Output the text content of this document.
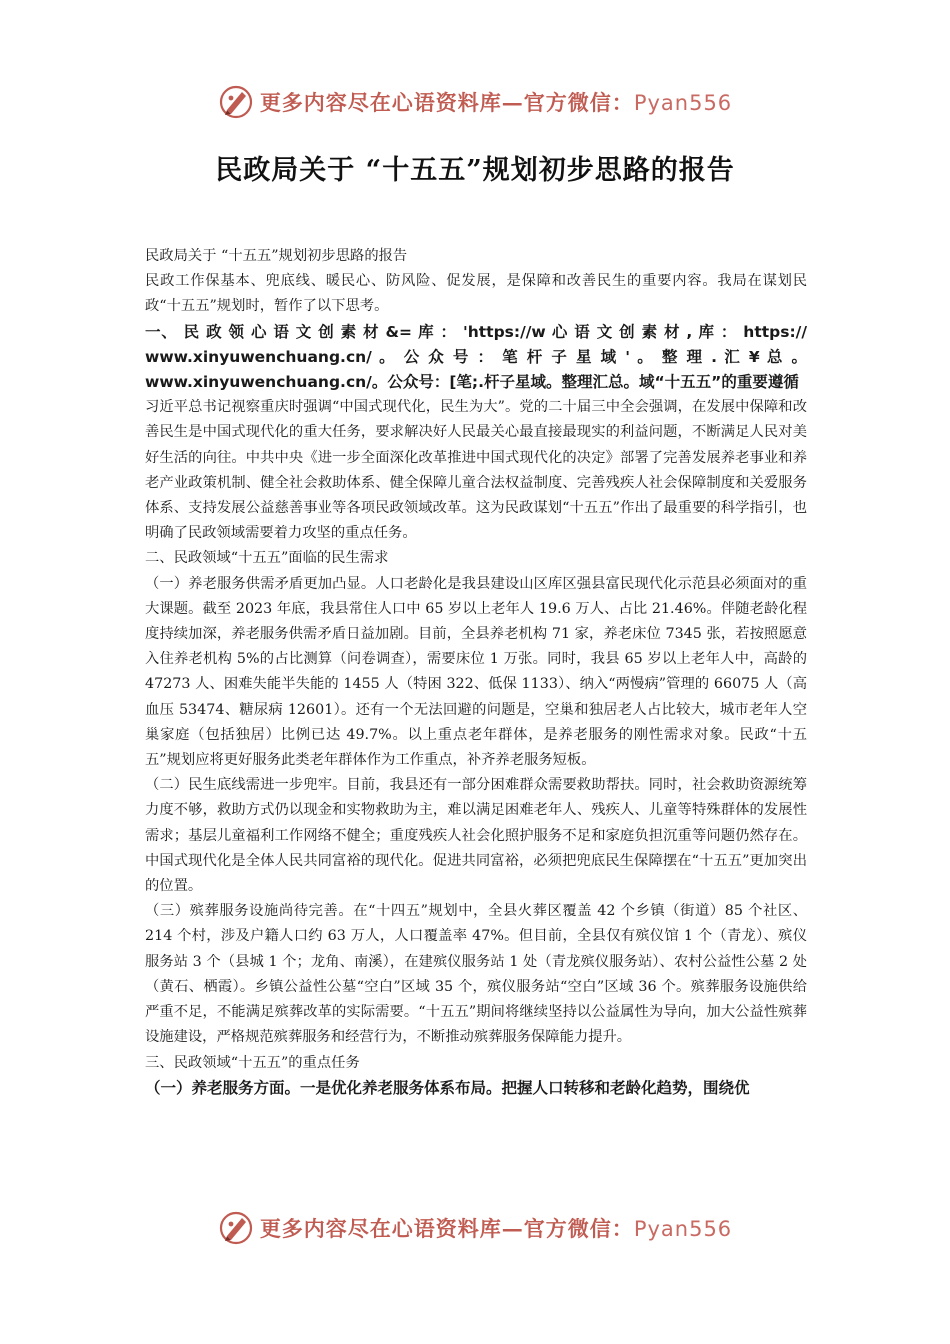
更多内容尽在心语资料库—官方微信：Pyan556
民政局关于 “十五五”规划初步思路的报告

民政局关于 “十五五”规划初步思路的报告

民政工作保基本、兜底线、暖民心、防风险、促发展，是保障和改善民生的重要内容。我局在谋划民政“十五五”规划时，暂作了以下思考。

一、 民 政 领 心 语 文 创 素 材 &= 库 ： 'https://w 心 语 文 创 素 材 , 库 ： https:// www.xinyuwenchuang.cn/ 。 公 众 号 ： 笔 杆 子 星 域 ' 。 整 理 . 汇 ¥ 总 。 www.xinyuwenchuang.cn/。公众号：[笔;.杆子星域。整理汇总。域“十五五”的重要遵循

习近平总书记视察重庆时强调“中国式现代化，民生为大”。党的二十届三中全会强调，在发展中保障和改善民生是中国式现代化的重大任务，要求解决好人民最关心最直接最现实的利益问题，不断满足人民对美好生活的向往。中共中央《进一步全面深化改革推进中国式现代化的决定》部署了完善发展养老事业和养老产业政策机制、健全社会救助体系、健全保障儿童合法权益制度、完善残疾人社会保障制度和关爱服务体系、支持发展公益慈善事业等各项民政领域改革。这为民政谋划“十五五”作出了最重要的科学指引，也明确了民政领域需要着力攻坚的重点任务。

二、民政领域“十五五”面临的民生需求

（一）养老服务供需矛盾更加凸显。人口老龄化是我县建设山区库区强县富民现代化示范县必须面对的重大课题。截至 2023 年底，我县常住人口中 65 岁以上老年人 19.6 万人、占比 21.46%。伴随老龄化程度持续加深，养老服务供需矛盾日益加剧。目前，全县养老机构 71 家，养老床位 7345 张，若按照愿意入住养老机构 5%的占比测算（问卷调查），需要床位 1 万张。同时，我县 65 岁以上老年人中，高龄的 47273 人、困难失能半失能的 1455 人（特困 322、低保 1133）、纳入“两慢病”管理的 66075 人（高血压 53474、糖尿病 12601）。还有一个无法回避的问题是，空巢和独居老人占比较大，城市老年人空巢家庭（包括独居）比例已达 49.7%。以上重点老年群体，是养老服务的刚性需求对象。民政“十五五”规划应将更好服务此类老年群体作为工作重点，补齐养老服务短板。

（二）民生底线需进一步兜牢。目前，我县还有一部分困难群众需要救助帮扶。同时，社会救助资源统筹力度不够，救助方式仍以现金和实物救助为主，难以满足困难老年人、残疾人、儿童等特殊群体的发展性需求；基层儿童福利工作网络不健全；重度残疾人社会化照护服务不足和家庭负担沉重等问题仍然存在。中国式现代化是全体人民共同富裕的现代化。促进共同富裕，必须把兜底民生保障摆在“十五五”更加突出的位置。

（三）殡葬服务设施尚待完善。在“十四五”规划中，全县火葬区覆盖 42 个乡镇（街道）85 个社区、214 个村，涉及户籍人口约 63 万人，人口覆盖率 47%。但目前，全县仅有殡仪馆 1 个（青龙）、殡仪服务站 3 个（县城 1 个；龙角、南溪），在建殡仪服务站 1 处（青龙殡仪服务站）、农村公益性公墓 2 处（黄石、栖霞）。乡镇公益性公墓“空白”区域 35 个，殡仪服务站“空白”区域 36 个。殡葬服务设施供给严重不足，不能满足殡葬改革的实际需要。“十五五”期间将继续坚持以公益属性为导向，加大公益性殡葬设施建设，严格规范殡葬服务和经营行为，不断推动殡葬服务保障能力提升。

三、民政领域“十五五”的重点任务

（一）养老服务方面。一是优化养老服务体系布局。把握人口转移和老龄化趋势，围绕优

更多内容尽在心语资料库—官方微信：Pyan556
